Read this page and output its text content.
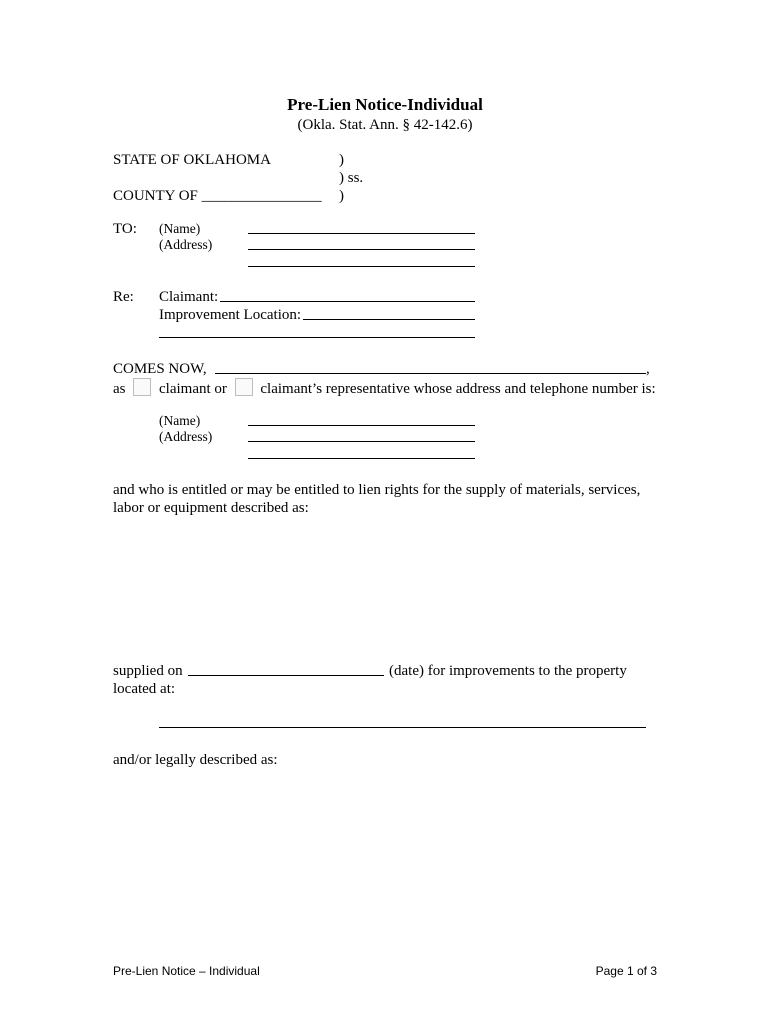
Pre-Lien Notice-Individual
(Okla. Stat. Ann. § 42-142.6)
STATE OF OKLAHOMA	)
) ss.
COUNTY OF ________________ )
TO: (Name)
(Address)
Re: Claimant:
Improvement Location:
COMES NOW,	,
as claimant or claimant’s representative whose address and telephone number is:
(Name)
(Address)
and who is entitled or may be entitled to lien rights for the supply of materials, services,
labor or equipment described as:
supplied on	(date) for improvements to the property
located at:
and/or legally described as:
Pre-Lien Notice – Individual	Page 1 of 3
